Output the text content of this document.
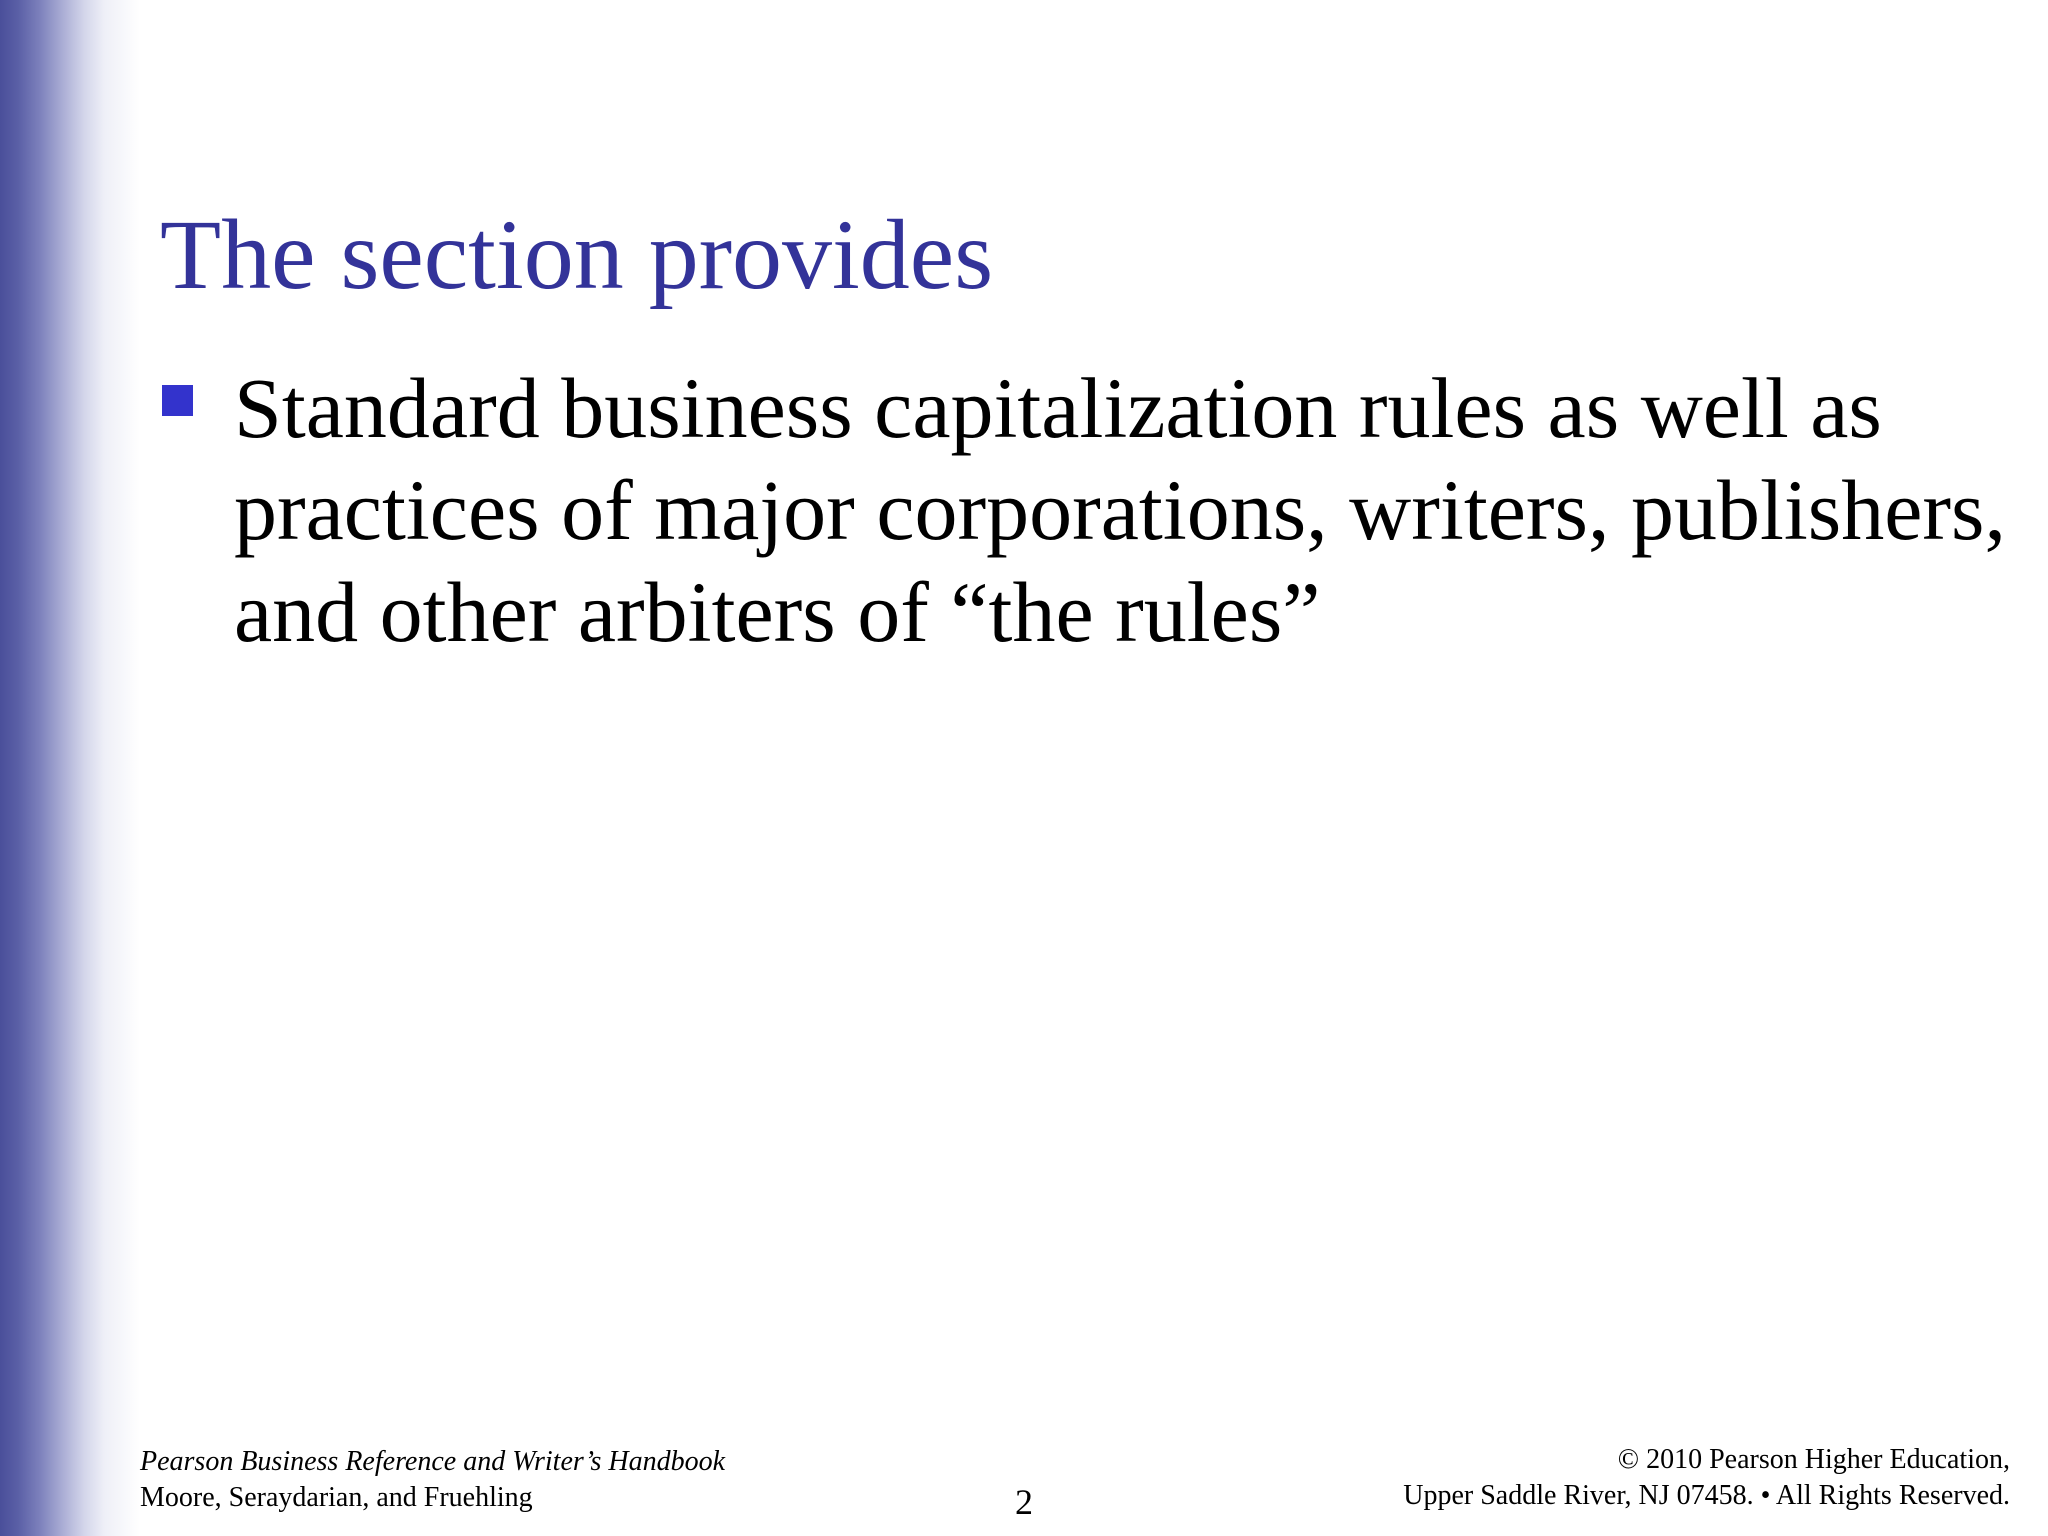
The section provides
Standard business capitalization rules as well as practices of major corporations, writers, publishers, and other arbiters of “the rules”
Pearson Business Reference and Writer’s Handbook
Moore, Seraydarian, and Fruehling	2
© 2010 Pearson Higher Education,
Upper Saddle River, NJ 07458. • All Rights Reserved.
